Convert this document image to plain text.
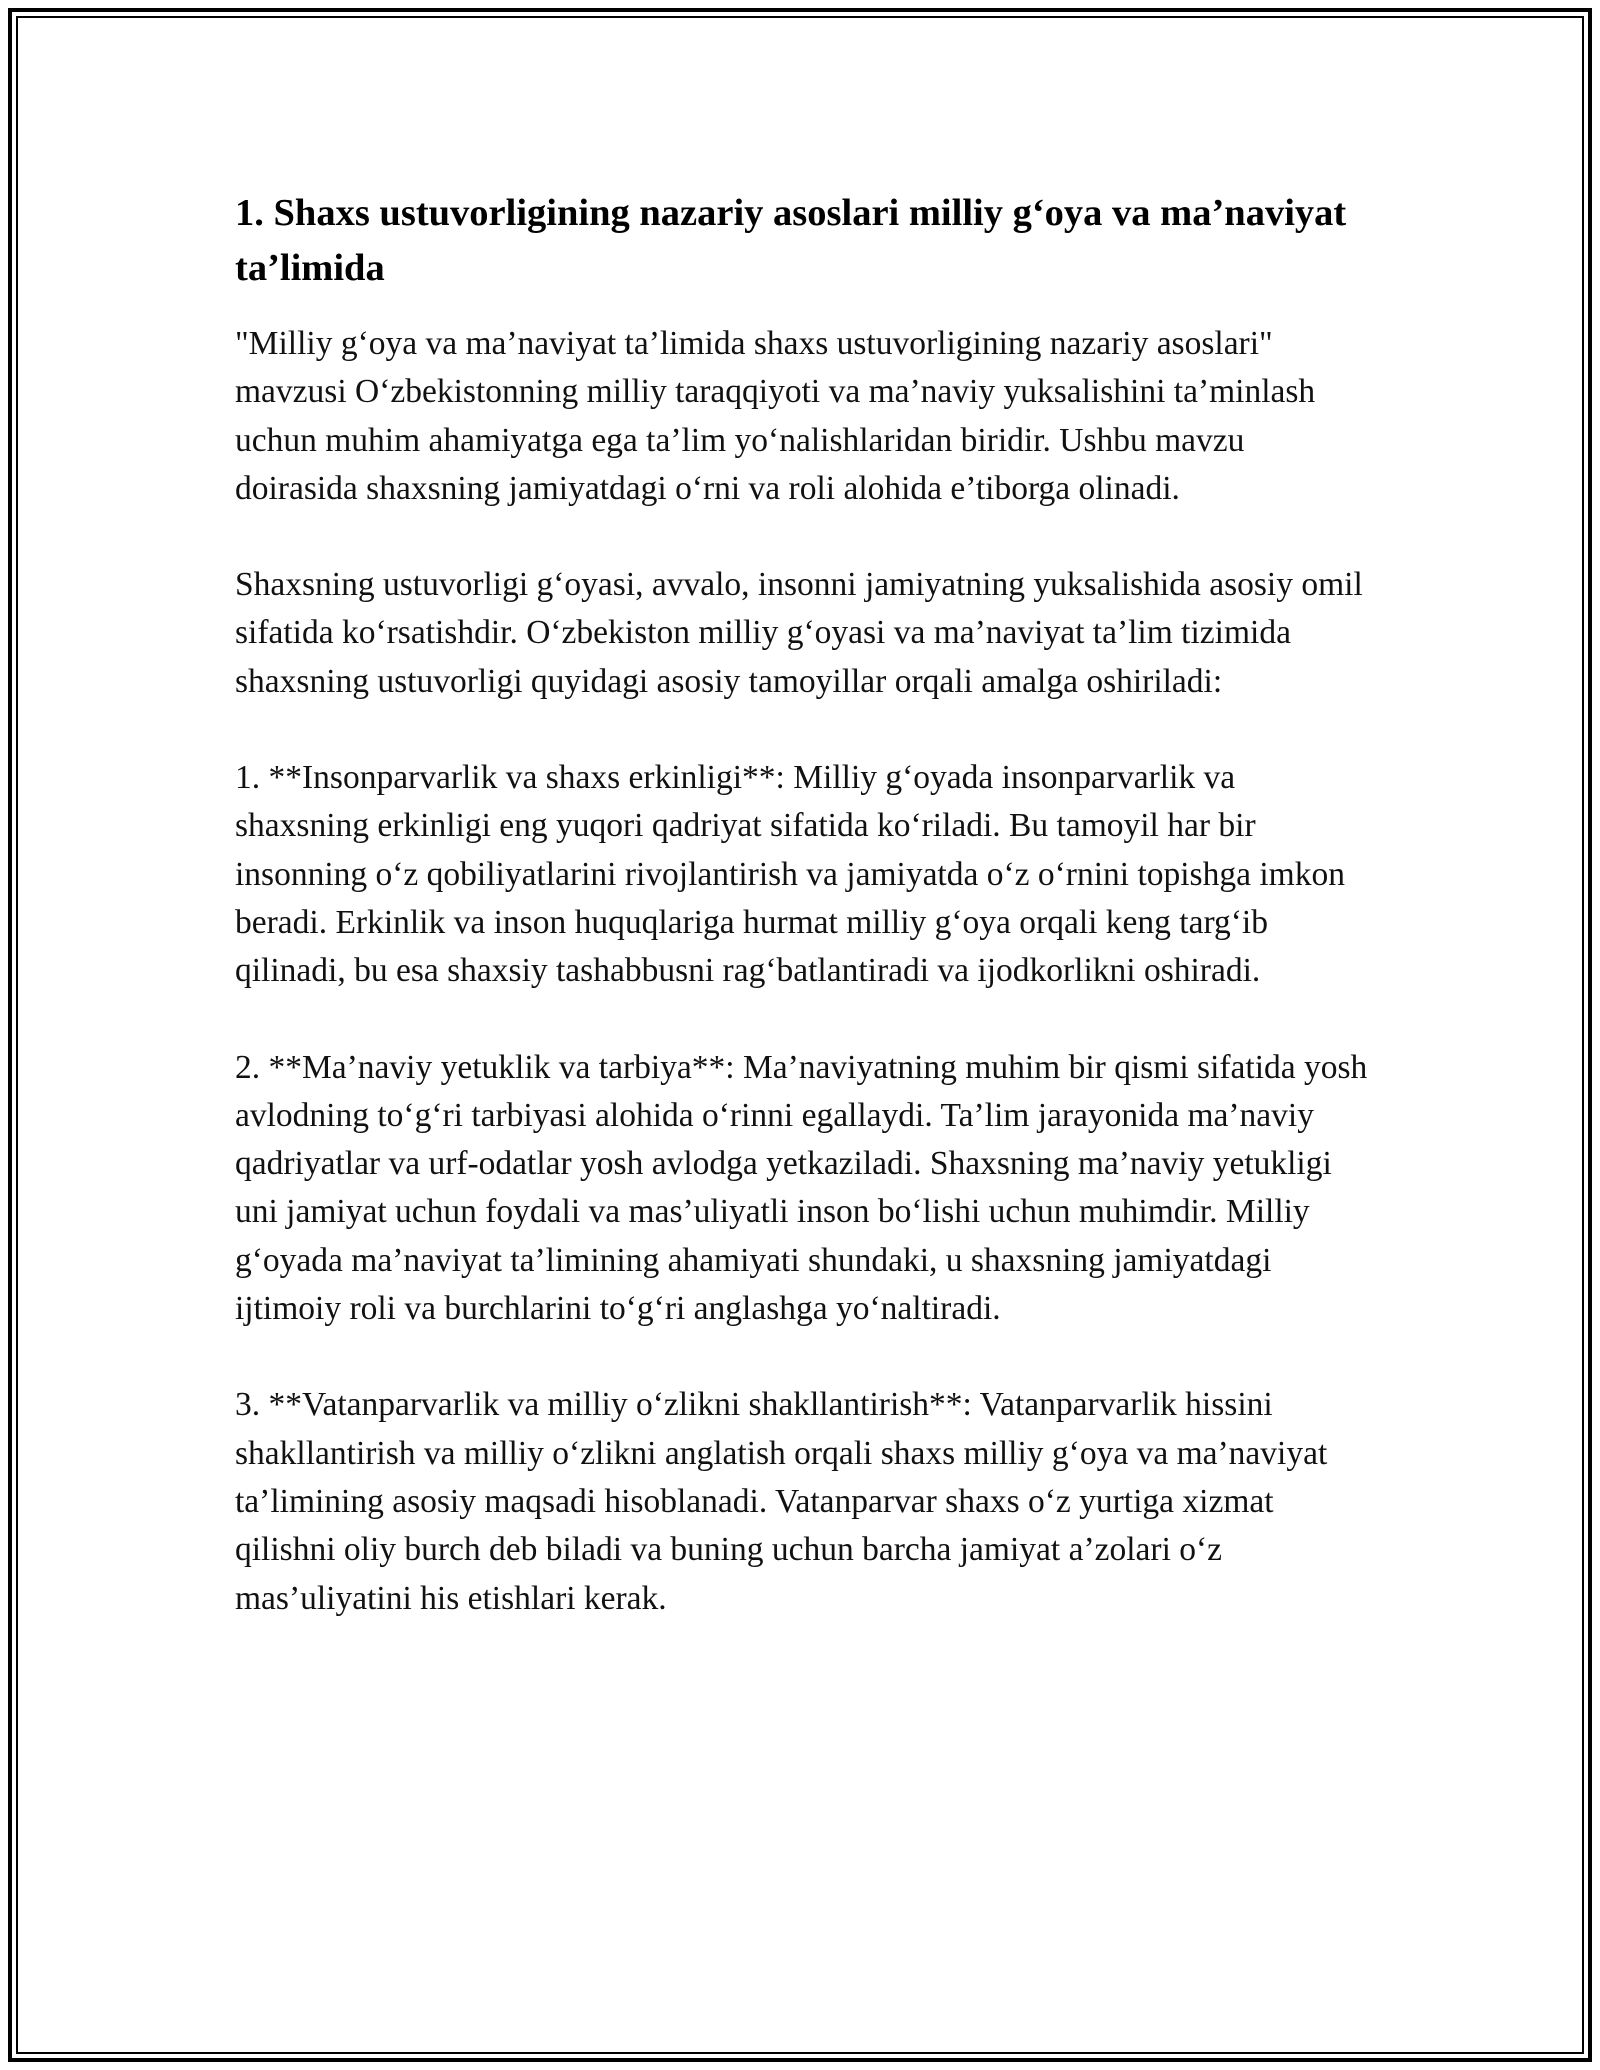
1. Shaxs ustuvorligining nazariy asoslari milliy g‘oya va ma’naviyat ta’limida

"Milliy g‘oya va ma’naviyat ta’limida shaxs ustuvorligining nazariy asoslari" mavzusi O‘zbekistonning milliy taraqqiyoti va ma’naviy yuksalishini ta’minlash uchun muhim ahamiyatga ega ta’lim yo‘nalishlaridan biridir. Ushbu mavzu doirasida shaxsning jamiyatdagi o‘rni va roli alohida e’tiborga olinadi.

Shaxsning ustuvorligi g‘oyasi, avvalo, insonni jamiyatning yuksalishida asosiy omil sifatida ko‘rsatishdir. O‘zbekiston milliy g‘oyasi va ma’naviyat ta’lim tizimida shaxsning ustuvorligi quyidagi asosiy tamoyillar orqali amalga oshiriladi:

1. **Insonparvarlik va shaxs erkinligi**: Milliy g‘oyada insonparvarlik va shaxsning erkinligi eng yuqori qadriyat sifatida ko‘riladi. Bu tamoyil har bir insonning o‘z qobiliyatlarini rivojlantirish va jamiyatda o‘z o‘rnini topishga imkon beradi. Erkinlik va inson huquqlariga hurmat milliy g‘oya orqali keng targ‘ib qilinadi, bu esa shaxsiy tashabbusni rag‘batlantiradi va ijodkorlikni oshiradi.

2. **Ma’naviy yetuklik va tarbiya**: Ma’naviyatning muhim bir qismi sifatida yosh avlodning to‘g‘ri tarbiyasi alohida o‘rinni egallaydi. Ta’lim jarayonida ma’naviy qadriyatlar va urf-odatlar yosh avlodga yetkaziladi. Shaxsning ma’naviy yetukligi uni jamiyat uchun foydali va mas’uliyatli inson bo‘lishi uchun muhimdir. Milliy g‘oyada ma’naviyat ta’limining ahamiyati shundaki, u shaxsning jamiyatdagi ijtimoiy roli va burchlarini to‘g‘ri anglashga yo‘naltiradi.

3. **Vatanparvarlik va milliy o‘zlikni shakllantirish**: Vatanparvarlik hissini shakllantirish va milliy o‘zlikni anglatish orqali shaxs milliy g‘oya va ma’naviyat ta’limining asosiy maqsadi hisoblanadi. Vatanparvar shaxs o‘z yurtiga xizmat qilishni oliy burch deb biladi va buning uchun barcha jamiyat a’zolari o‘z mas’uliyatini his etishlari kerak.
